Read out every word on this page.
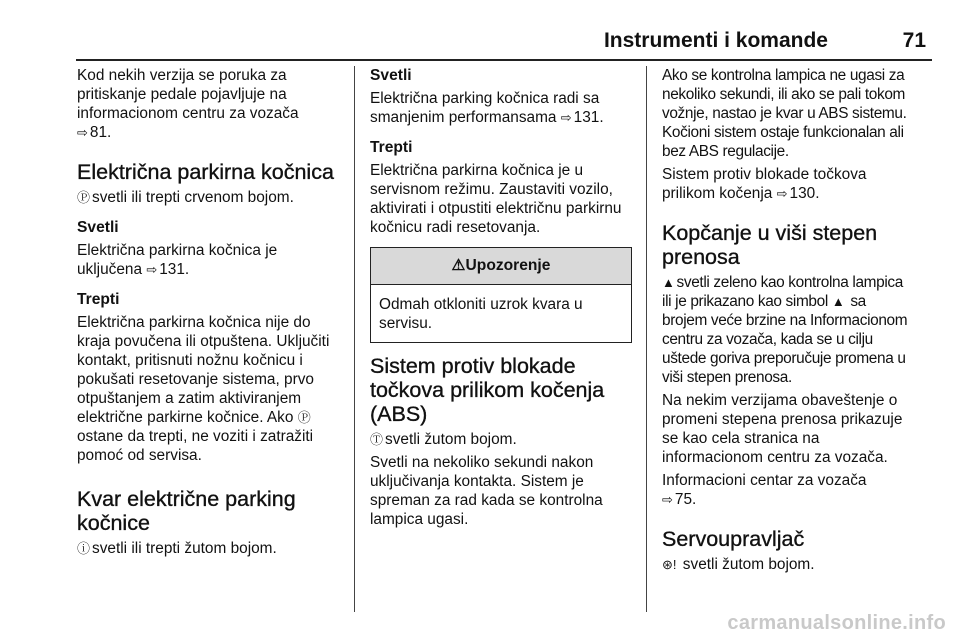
Instrumenti i komande	71

Kod nekih verzija se poruka za
pritiskanje pedale pojavljuje na
informacionom centru za vozača
⇨ 81.

Električna parkirna kočnica

Ⓟ svetli ili trepti crvenom bojom.

Svetli

Električna parkirna kočnica je
uključena ⇨ 131.

Trepti

Električna parkirna kočnica nije do
kraja povučena ili otpuštena. Uključiti
kontakt, pritisnuti nožnu kočnicu i
pokušati resetovanje sistema, prvo
otpuštanjem a zatim aktiviranjem
električne parkirne kočnice. Ako Ⓟ
ostane da trepti, ne voziti i zatražiti
pomoć od servisa.

Kvar električne parking
kočnice

ⓘ svetli ili trepti žutom bojom.

Svetli

Električna parking kočnica radi sa
smanjenim performansama ⇨ 131.

Trepti

Električna parkirna kočnica je u
servisnom režimu. Zaustaviti vozilo,
aktivirati i otpustiti električnu parkirnu
kočnicu radi resetovanja.

⚠Upozorenje

Odmah otkloniti uzrok kvara u
servisu.

Sistem protiv blokade
točkova prilikom kočenja
(ABS)

Ⓣ svetli žutom bojom.

Svetli na nekoliko sekundi nakon
uključivanja kontakta. Sistem je
spreman za rad kada se kontrolna
lampica ugasi.

Ako se kontrolna lampica ne ugasi za
nekoliko sekundi, ili ako se pali tokom
vožnje, nastao je kvar u ABS sistemu.
Kočioni sistem ostaje funkcionalan ali
bez ABS regulacije.

Sistem protiv blokade točkova
prilikom kočenja ⇨ 130.

Kopčanje u viši stepen
prenosa

▲ svetli zeleno kao kontrolna lampica
ili je prikazano kao simbol ▲ sa
brojem veće brzine na Informacionom
centru za vozača, kada se u cilju
uštede goriva preporučuje promena u
viši stepen prenosa.

Na nekim verzijama obaveštenje o
promeni stepena prenosa prikazuje
se kao cela stranica na
informacionom centru za vozača.

Informacioni centar za vozača
⇨ 75.

Servoupravljač

⊛! svetli žutom bojom.

carmanualsonline.info
